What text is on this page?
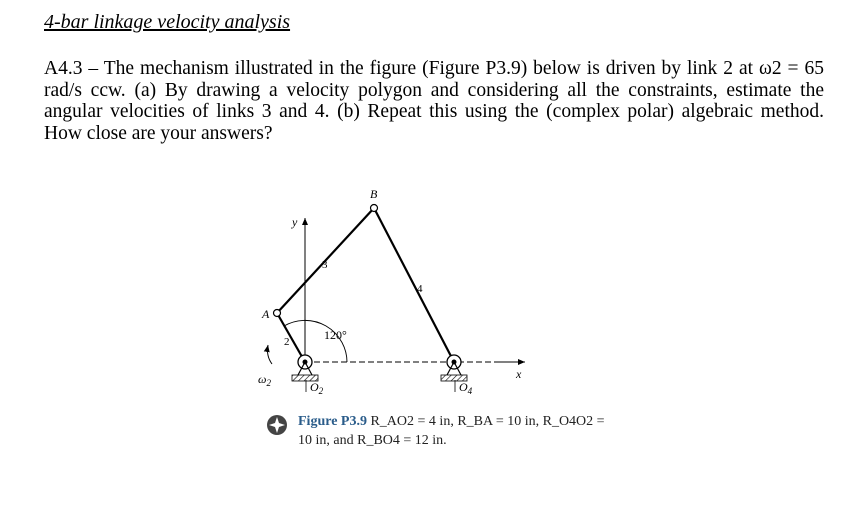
4-bar linkage velocity analysis
A4.3 – The mechanism illustrated in the figure (Figure P3.9) below is driven by link 2 at ω2 = 65 rad/s ccw. (a) By drawing a velocity polygon and considering all the constraints, estimate the angular velocities of links 3 and 4. (b) Repeat this using the (complex polar) algebraic method. How close are your answers?
y
x
120°
A
B
2
3
4
$O_2$	$O_4$
$\omega_2$
Figure P3.9 R_AO2 = 4 in, R_BA = 10 in, R_O4O2 =
10 in, and R_BO4 = 12 in.
